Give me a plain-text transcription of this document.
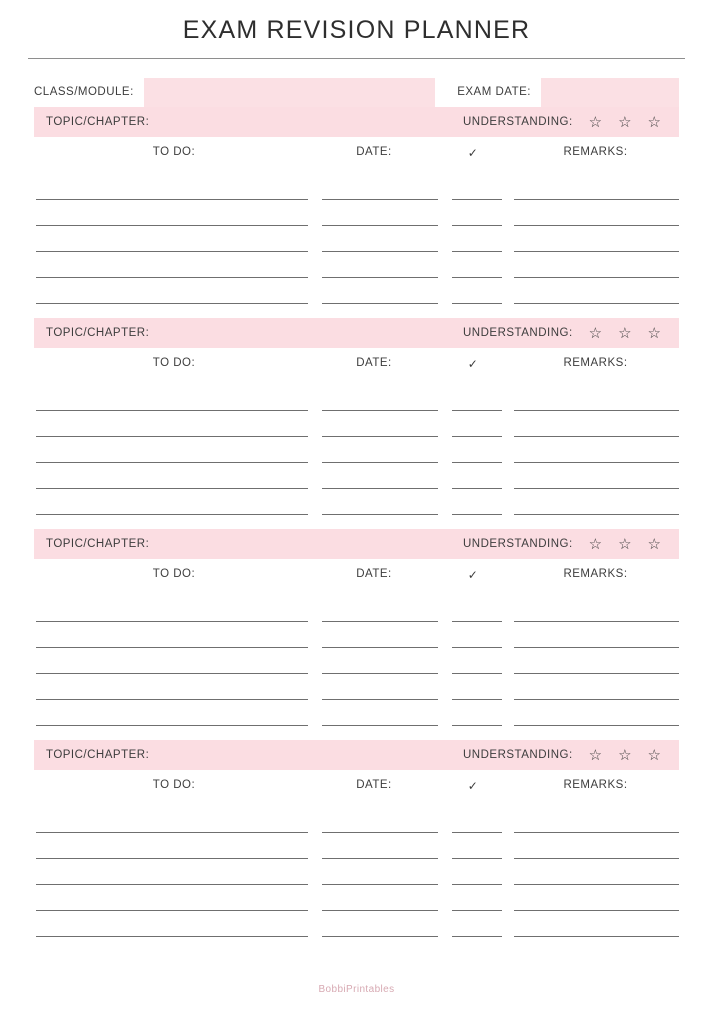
EXAM REVISION PLANNER
CLASS/MODULE:	EXAM DATE:
TOPIC/CHAPTER:	UNDERSTANDING: ☆ ☆ ☆
TO DO:	DATE:	✓	REMARKS:
TOPIC/CHAPTER:	UNDERSTANDING: ☆ ☆ ☆
TO DO:	DATE:	✓	REMARKS:
TOPIC/CHAPTER:	UNDERSTANDING: ☆ ☆ ☆
TO DO:	DATE:	✓	REMARKS:
TOPIC/CHAPTER:	UNDERSTANDING: ☆ ☆ ☆
TO DO:	DATE:	✓	REMARKS:
BobbiPrintables
